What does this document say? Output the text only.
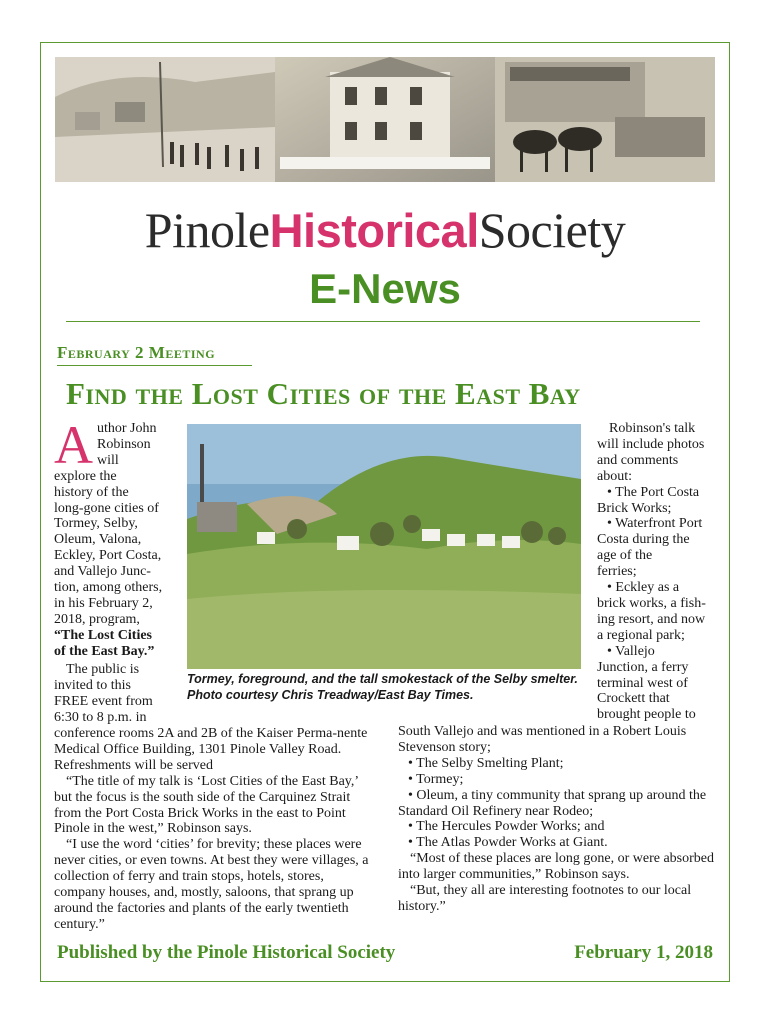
PinoleHistoricalSociety
E-News
February 2 Meeting
Find the Lost Cities of the East Bay
A uthor John
Robinson
will
explore the
history of the
long-gone cities of
Tormey, Selby,
Oleum, Valona,
Eckley, Port Costa,
and Vallejo Junc-
tion, among others,
in his February 2,
2018, program,
“The Lost Cities
of the East Bay.”
The public is
invited to this
FREE event from
6:30 to 8 p.m. in
Tormey, foreground, and the tall smokestack of the Selby smelter. Photo courtesy Chris Treadway/East Bay Times.
Robinson's talk
will include photos
and comments
about:
• The Port Costa
Brick Works;
• Waterfront Port
Costa during the
age of the
ferries;
• Eckley as a
brick works, a fish-
ing resort, and now
a regional park;
• Vallejo
Junction, a ferry
terminal west of
Crockett that
brought people to

conference rooms 2A and 2B of the Kaiser Perma-nente Medical Office Building, 1301 Pinole Valley Road. Refreshments will be served

“The title of my talk is ‘Lost Cities of the East Bay,’ but the focus is the south side of the Carquinez Strait from the Port Costa Brick Works in the east to Point Pinole in the west,” Robinson says.

“I use the word ‘cities’ for brevity; these places were never cities, or even towns. At best they were villages, a collection of ferry and train stops, hotels, stores, company houses, and, mostly, saloons, that sprang up around the factories and plants of the early twentieth century.”

South Vallejo and was mentioned in a Robert Louis Stevenson story;

• The Selby Smelting Plant;

• Tormey;

• Oleum, a tiny community that sprang up around the Standard Oil Refinery near Rodeo;

• The Hercules Powder Works; and

• The Atlas Powder Works at Giant.

“Most of these places are long gone, or were absorbed into larger communities,” Robinson says.

“But, they all are interesting footnotes to our local history.”

Published by the Pinole Historical Society	February 1, 2018
